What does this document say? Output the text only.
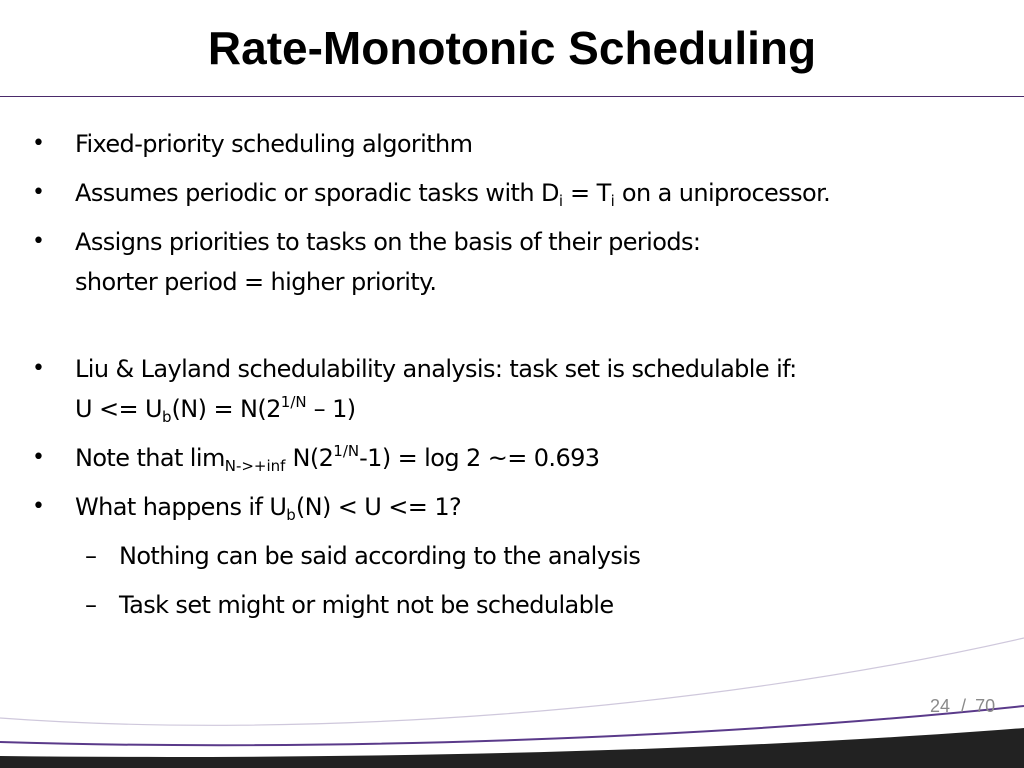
Rate-Monotonic Scheduling
• Fixed-priority scheduling algorithm
• Assumes periodic or sporadic tasks with $D_i = T_i$ on a uniprocessor.
• Assigns priorities to tasks on the basis of their periods:
shorter period = higher priority.
• Liu & Layland schedulability analysis: task set is schedulable if:
$U <= U_b(N) = N(2^{1/N} - 1)$
• Note that $\lim_{N->+inf} N(2^{1/N}-1) = \log 2$ ~= 0.693
• What happens if $U_b(N) < U <= 1$?
– Nothing can be said according to the analysis
– Task set might or might not be schedulable
24 / 70
